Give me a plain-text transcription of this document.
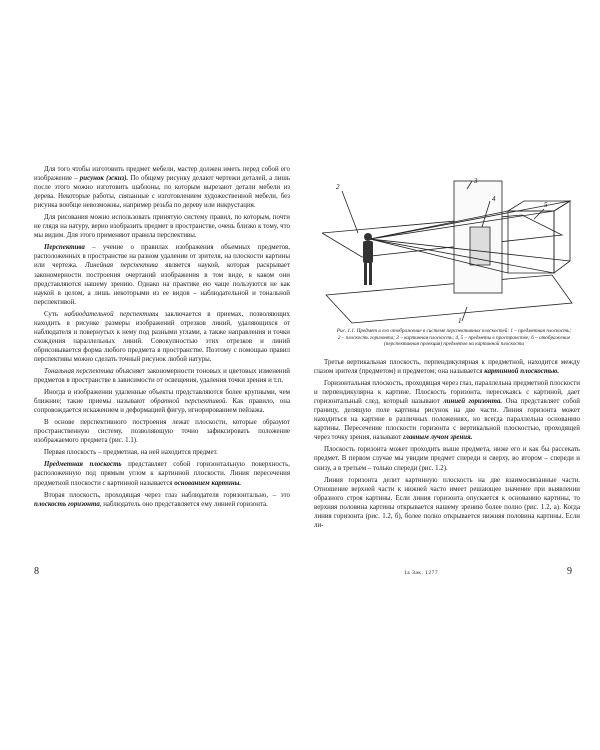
Для того чтобы изготовить предмет мебели, мастер должен иметь перед собой его изображение – рисунок (эскиз). По общему рисунку делают чертежи деталей, а лишь после этого можно изготовить шаблоны, по которым вырезают детали мебели из дерева. Некоторые работы, связанные с изготовлением художественной мебели, без рисунка вообще невозможны, например резьба по дереву или инкрустация.

Для рисования можно использовать принятую систему правил, по которым, почти не глядя на натуру, верно изобразить предмет в пространстве, очень близко к тому, что мы видим. Для этого применяют правила перспективы.

Перспектива – учение о правилах изображения объемных предметов, расположенных в пространстве на разном удалении от зрителя, на плоскости картины или чертежа. Линейная перспектива является наукой, которая раскрывает закономерности построения очертаний изображения в том виде, в каком они представляются нашему зрению. Однако на практике ею чаще пользуются не как наукой в целом, а лишь некоторыми из ее видов – наблюдательной и тональной перспективой.

Суть наблюдательной перспективы заключается в приемах, позволяющих находить в рисунке размеры изображений отрезков линий, удаляющихся от наблюдателя и повернутых к нему под разными углами, а также направления и точки схождения параллельных линий. Совокупностью этих отрезков и линий обрисовывается форма любого предмета в пространстве. Поэтому с помощью правил перспективы можно сделать точный рисунок любой натуры.

Тональная перспектива объясняет закономерности тоновых и цветовых изменений предметов в пространстве в зависимости от освещения, удаления точки зрения и т.п.

Иногда в изображении удаленные объекты представляются более крупными, чем ближние; такие приемы называют обратной перспективой. Как правило, она сопровождается искажением и деформацией фигур, игнорированием пейзажа.

В основе перспективного построения лежат плоскости, которые образуют пространственную систему, позволяющую точно зафиксировать положение изображаемого предмета (рис. 1.1).

Первая плоскость – предметная, на ней находится предмет.

Предметная плоскость представляет собой горизонтальную поверхность, расположенную под прямым углом к картинной плоскости. Линия пересечения предметной плоскости с картинной называется основанием картины.

Вторая плоскость, проходящая через глаз наблюдателя горизонтально, – это плоскость горизонта, наблюдатель оно представляется ему линией горизонта.

8
2
3
4
5
1
Рис. 1.1. Предмет и его отображение в системе перспективных плоскостей: 1 – предметная плоскость; 2 – плоскость горизонта; 3 – картинная плоскость; 4, 5 – предметы в пространстве; 6 – отображение (перспективная проекция) предметов на картинной плоскости

Третья вертикальная плоскость, перпендикулярная к предметной, находится между глазом зрителя (предметом) и предметом; она называется картинной плоскостью.

Горизонтальная плоскость, проходящая через глаз, параллельна предметной плоскости и перпендикулярна к картине. Плоскость горизонта, пересекаясь с картиной, дает горизонтальный след, который называют линией горизонта. Она представляет собой границу, делящую поле картины рисунок на две части. Линия горизонта может находиться на картине в различных положениях, но всегда параллельна основанию картины. Пересечение плоскости горизонта с вертикальной плоскостью, проходящей через точку зрения, называют главным лучом зрения.

Плоскость горизонта может проходить выше предмета, ниже его и как бы рассекать предмет. В первом случае мы увидим предмет спереди и сверху, во втором – спереди и снизу, а в третьем – только спереди (рис. 1.2).

Линия горизонта делит картинную плоскость на две взаимосвязанные части. Отношение верхней части к нижней часто имеет решающее значение при выявлении образного строя картины. Если линия горизонта опускается к основанию картины, то верхняя половина картины открывается нашему зрению более полно (рис. 1.2, а). Когда линия горизонта (рис. 1.2, б), более полно открывается нижняя половина картины. Если ли-

1а Зак. 1277	9
